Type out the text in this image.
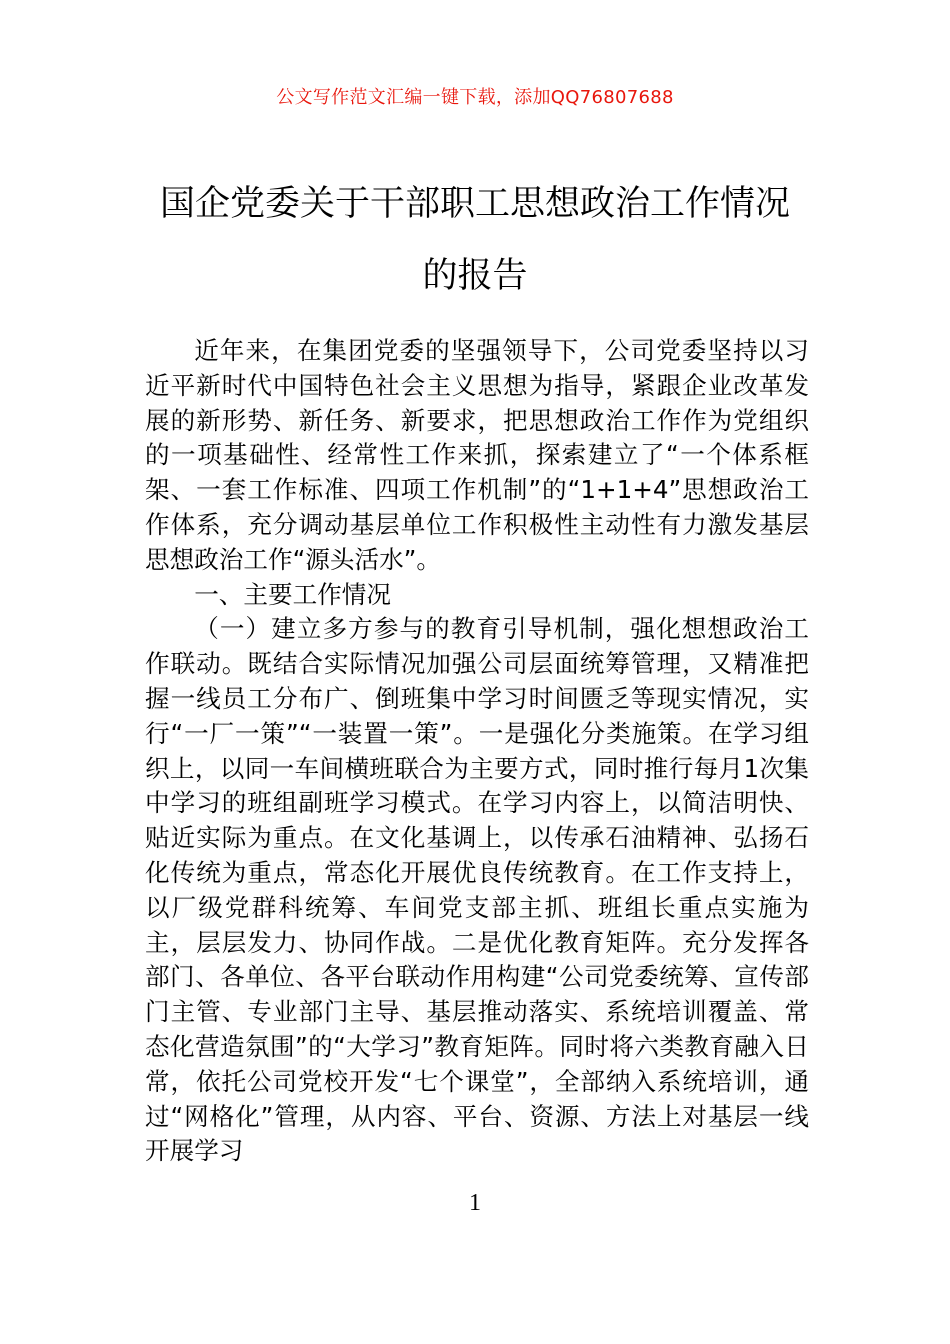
公文写作范文汇编一键下载，添加QQ76807688
国企党委关于干部职工思想政治工作情况
的报告

近年来，在集团党委的坚强领导下，公司党委坚持以习近平新时代中国特色社会主义思想为指导，紧跟企业改革发展的新形势、新任务、新要求，把思想政治工作作为党组织的一项基础性、经常性工作来抓，探索建立了“一个体系框架、一套工作标准、四项工作机制”的“1+1+4”思想政治工作体系，充分调动基层单位工作积极性主动性有力激发基层思想政治工作“源头活水”。

一、主要工作情况

（一）建立多方参与的教育引导机制，强化想想政治工作联动。既结合实际情况加强公司层面统筹管理，又精准把握一线员工分布广、倒班集中学习时间匮乏等现实情况，实行“一厂一策”“一装置一策”。一是强化分类施策。在学习组织上，以同一车间横班联合为主要方式，同时推行每月1次集中学习的班组副班学习模式。在学习内容上，以简洁明快、贴近实际为重点。在文化基调上，以传承石油精神、弘扬石化传统为重点，常态化开展优良传统教育。在工作支持上，以厂级党群科统筹、车间党支部主抓、班组长重点实施为主，层层发力、协同作战。二是优化教育矩阵。充分发挥各部门、各单位、各平台联动作用构建“公司党委统筹、宣传部门主管、专业部门主导、基层推动落实、系统培训覆盖、常态化营造氛围”的“大学习”教育矩阵。同时将六类教育融入日常，依托公司党校开发“七个课堂”，全部纳入系统培训，通过“网格化”管理，从内容、平台、资源、方法上对基层一线开展学习

1
